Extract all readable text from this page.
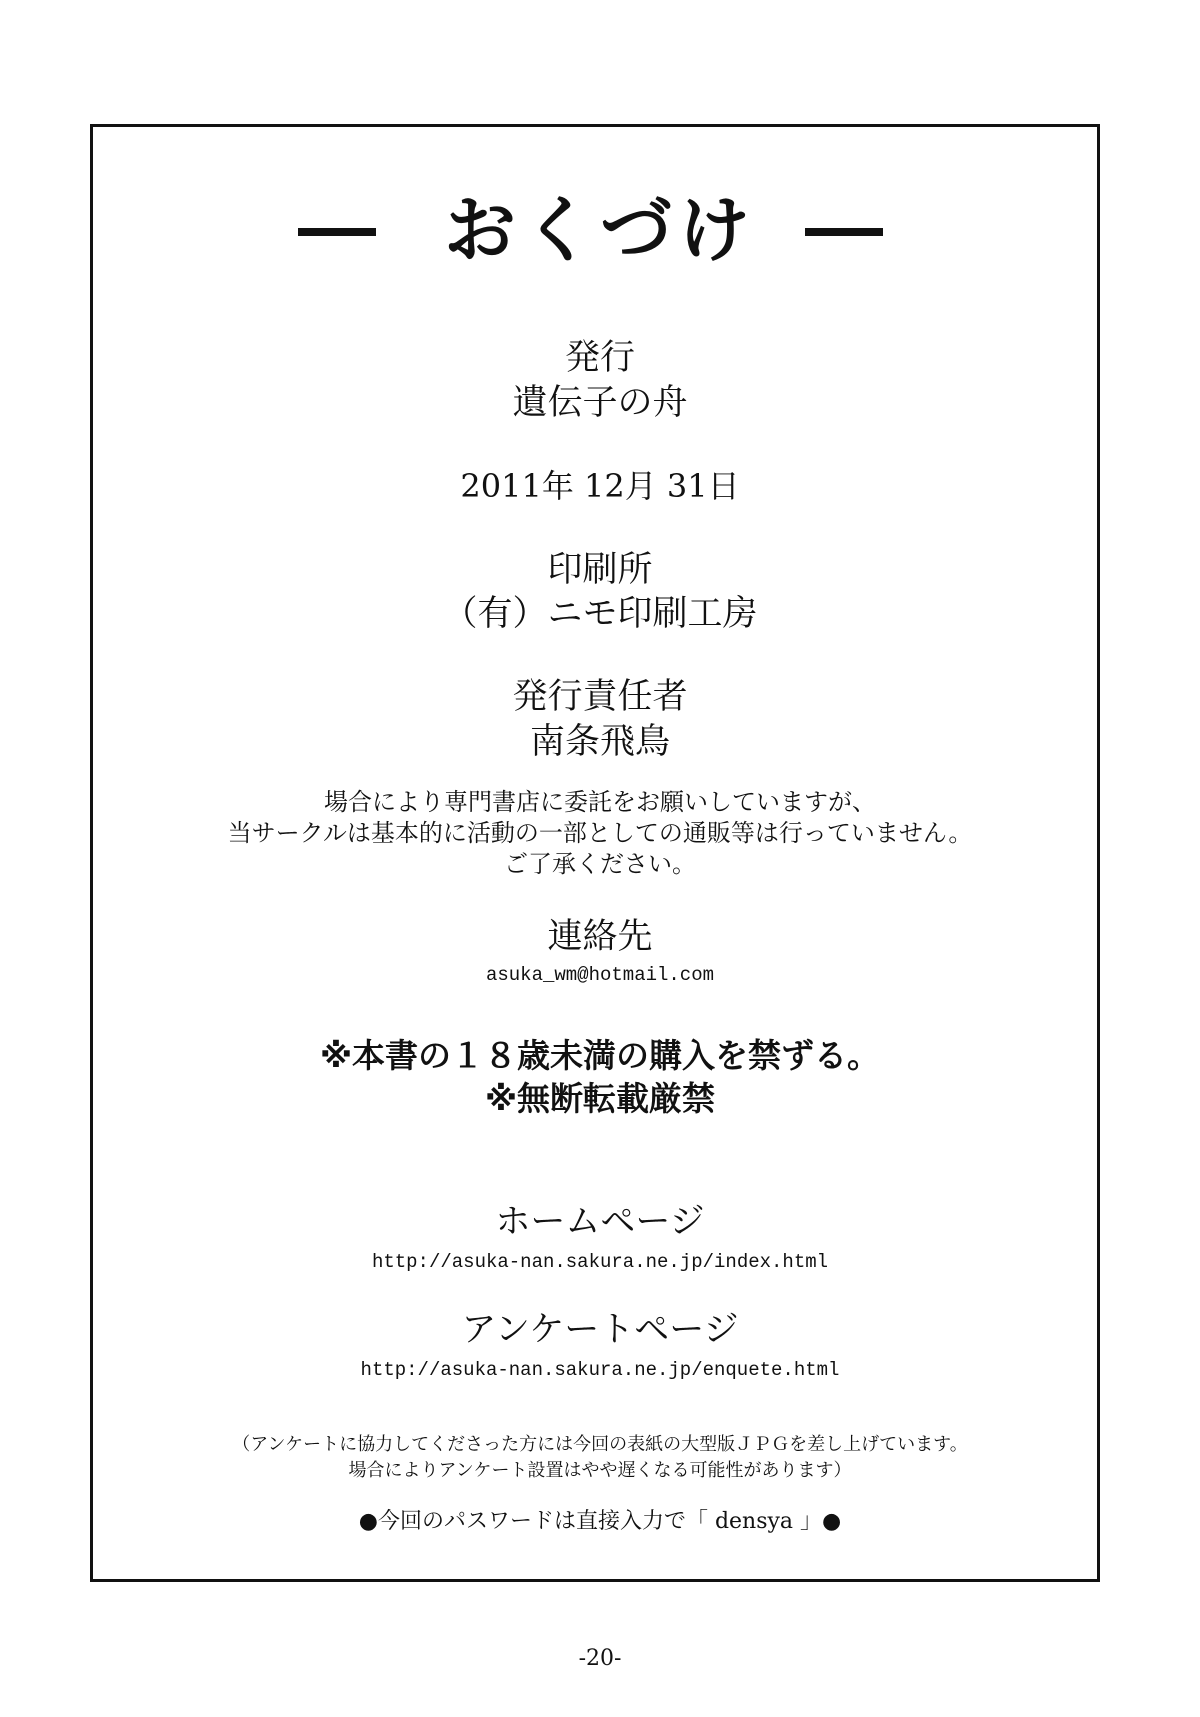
おくづけ
発行
遺伝子の舟
2011年 12月 31日
印刷所
（有）ニモ印刷工房
発行責任者
南条飛鳥
場合により専門書店に委託をお願いしていますが、
当サークルは基本的に活動の一部としての通販等は行っていません。
ご了承ください。
連絡先
asuka_wm@hotmail.com
※本書の１８歳未満の購入を禁ずる。
※無断転載厳禁
ホームページ
http://asuka-nan.sakura.ne.jp/index.html
アンケートページ
http://asuka-nan.sakura.ne.jp/enquete.html
（アンケートに協力してくださった方には今回の表紙の大型版ＪＰＧを差し上げています。
場合によりアンケート設置はやや遅くなる可能性があります）
●今回のパスワードは直接入力で「 densya 」●
-20-
